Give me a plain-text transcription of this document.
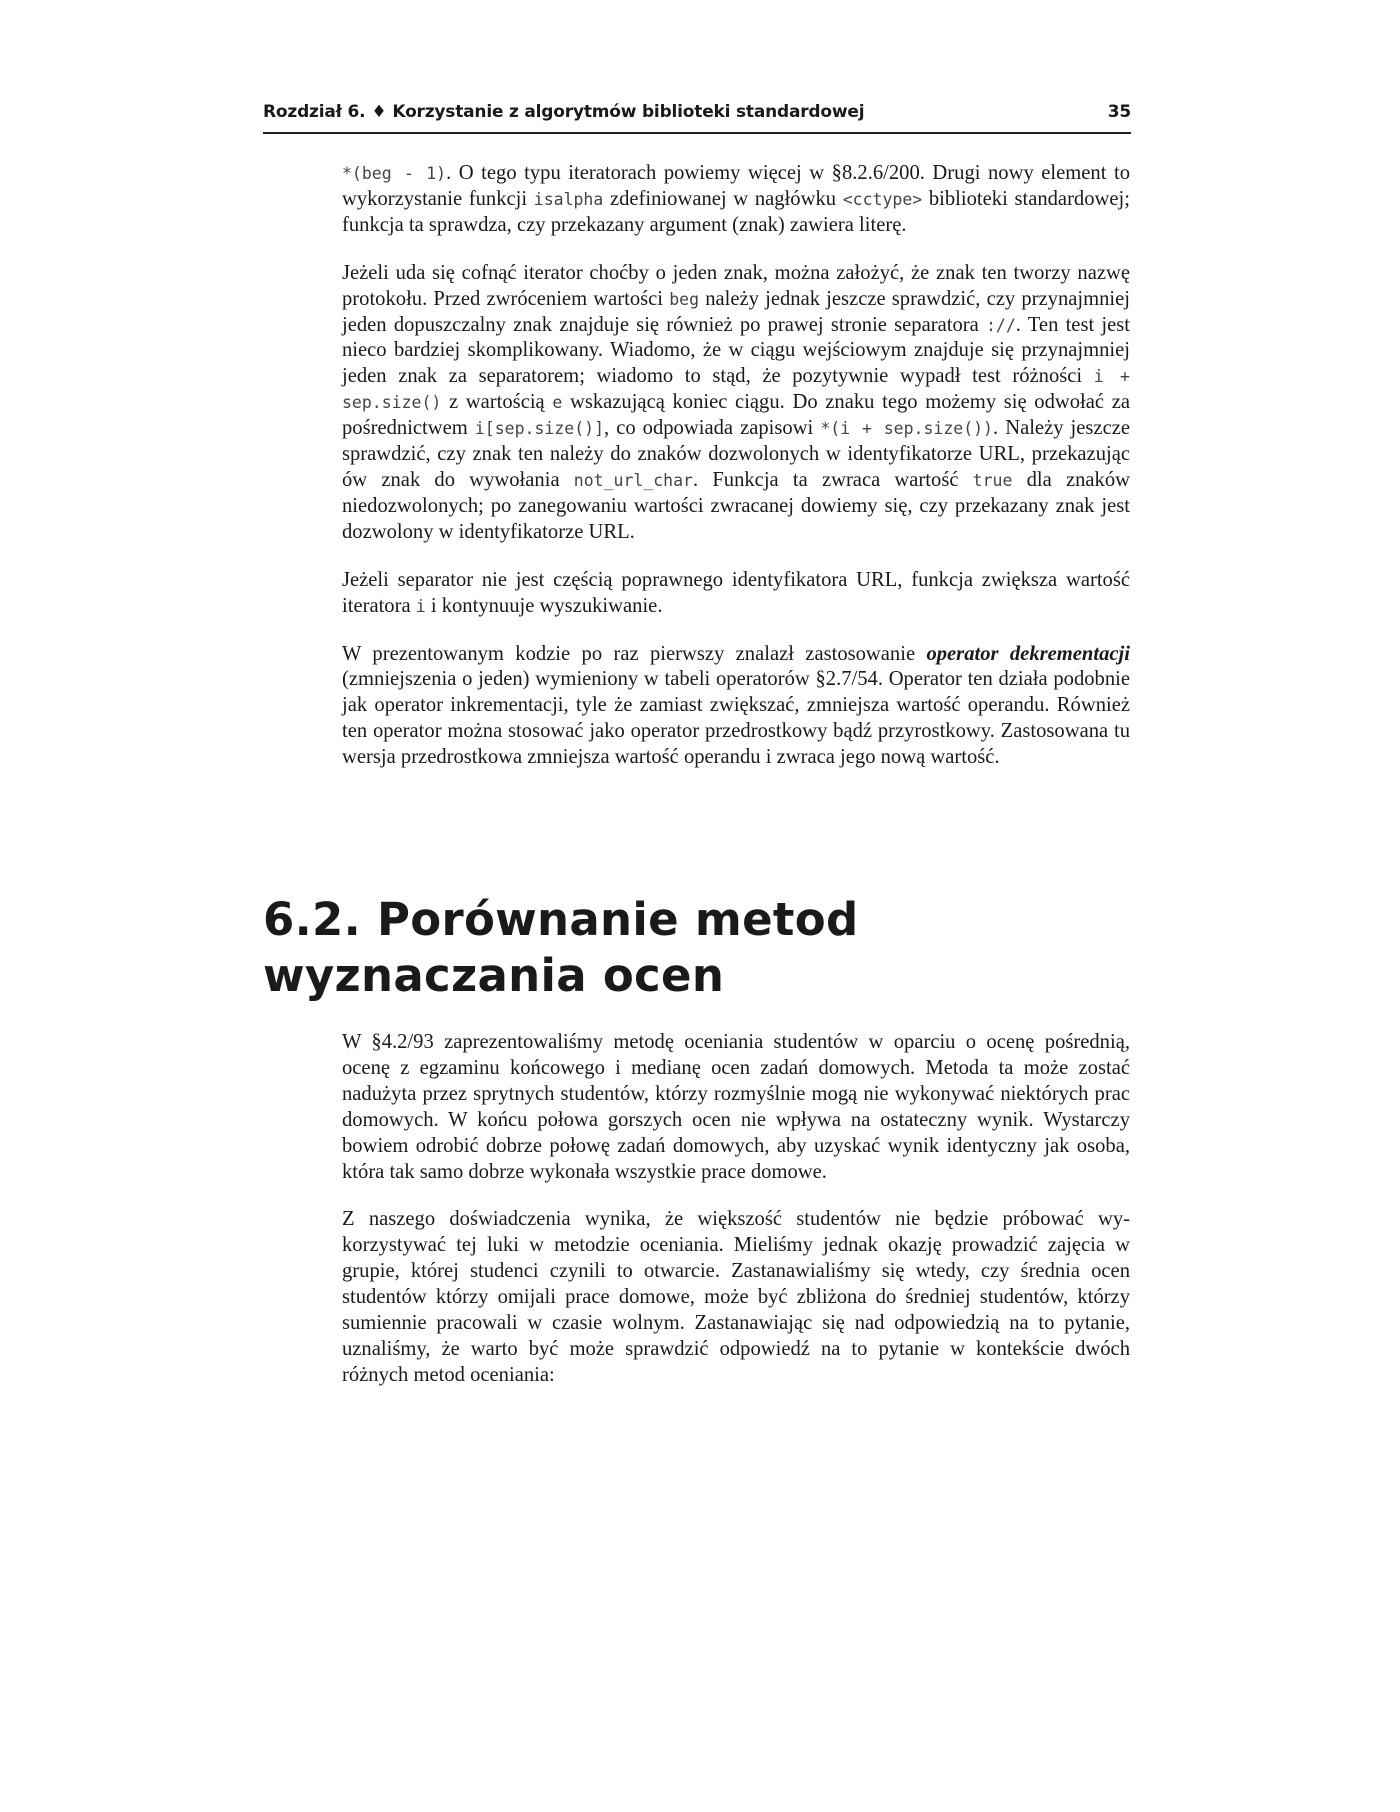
Rozdział 6. ♦ Korzystanie z algorytmów biblioteki standardowej	35

*(beg - 1). O tego typu iteratorach powiemy więcej w §8.2.6/200. Drugi nowy element to wykorzystanie funkcji isalpha zdefiniowanej w nagłówku <cctype> biblioteki standardowej; funkcja ta sprawdza, czy przekazany argument (znak) zawiera literę.

Jeżeli uda się cofnąć iterator choćby o jeden znak, można założyć, że znak ten tworzy nazwę protokołu. Przed zwróceniem wartości beg należy jednak jeszcze sprawdzić, czy przynajmniej jeden dopuszczalny znak znajduje się również po prawej stronie separatora ://. Ten test jest nieco bardziej skomplikowany. Wiadomo, że w ciągu wejściowym znajduje się przynajmniej jeden znak za separatorem; wiadomo to stąd, że pozytywnie wypadł test różności i + sep.size() z wartością e wskazującą koniec ciągu. Do znaku tego możemy się odwołać za pośrednictwem i[sep.size()], co odpowiada zapisowi *(i + sep.size()). Należy jeszcze sprawdzić, czy znak ten należy do znaków dozwolonych w identyfikatorze URL, przekazując ów znak do wywołania not_url_char. Funkcja ta zwraca wartość true dla znaków niedozwolonych; po zanegowaniu wartości zwracanej dowiemy się, czy przekazany znak jest dozwolony w identyfikatorze URL.

Jeżeli separator nie jest częścią poprawnego identyfikatora URL, funkcja zwiększa wartość iteratora i i kontynuuje wyszukiwanie.

W prezentowanym kodzie po raz pierwszy znalazł zastosowanie operator dekrementacji (zmniejszenia o jeden) wymieniony w tabeli operatorów §2.7/54. Operator ten działa podobnie jak operator inkrementacji, tyle że zamiast zwiększać, zmniejsza wartość operandu. Również ten operator można stosować jako operator przedrostkowy bądź przyrostkowy. Zastosowana tu wersja przedrostkowa zmniejsza wartość operandu i zwraca jego nową wartość.

6.2. Porównanie metod
wyznaczania ocen

W §4.2/93 zaprezentowaliśmy metodę oceniania studentów w oparciu o ocenę pośrednią, ocenę z egzaminu końcowego i medianę ocen zadań domowych. Metoda ta może zostać nadużyta przez sprytnych studentów, którzy rozmyślnie mogą nie wykonywać niektórych prac domowych. W końcu połowa gorszych ocen nie wpływa na ostateczny wynik. Wystarczy bowiem odrobić dobrze połowę zadań domowych, aby uzyskać wynik identyczny jak osoba, która tak samo dobrze wykonała wszystkie prace domowe.

Z naszego doświadczenia wynika, że większość studentów nie będzie próbować wykorzystywać tej luki w metodzie oceniania. Mieliśmy jednak okazję prowadzić zajęcia w grupie, której studenci czynili to otwarcie. Zastanawialiśmy się wtedy, czy średnia ocen studentów którzy omijali prace domowe, może być zbliżona do średniej studentów, którzy sumiennie pracowali w czasie wolnym. Zastanawiając się nad odpowiedzią na to pytanie, uznaliśmy, że warto być może sprawdzić odpowiedź na to pytanie w kontekście dwóch różnych metod oceniania:
